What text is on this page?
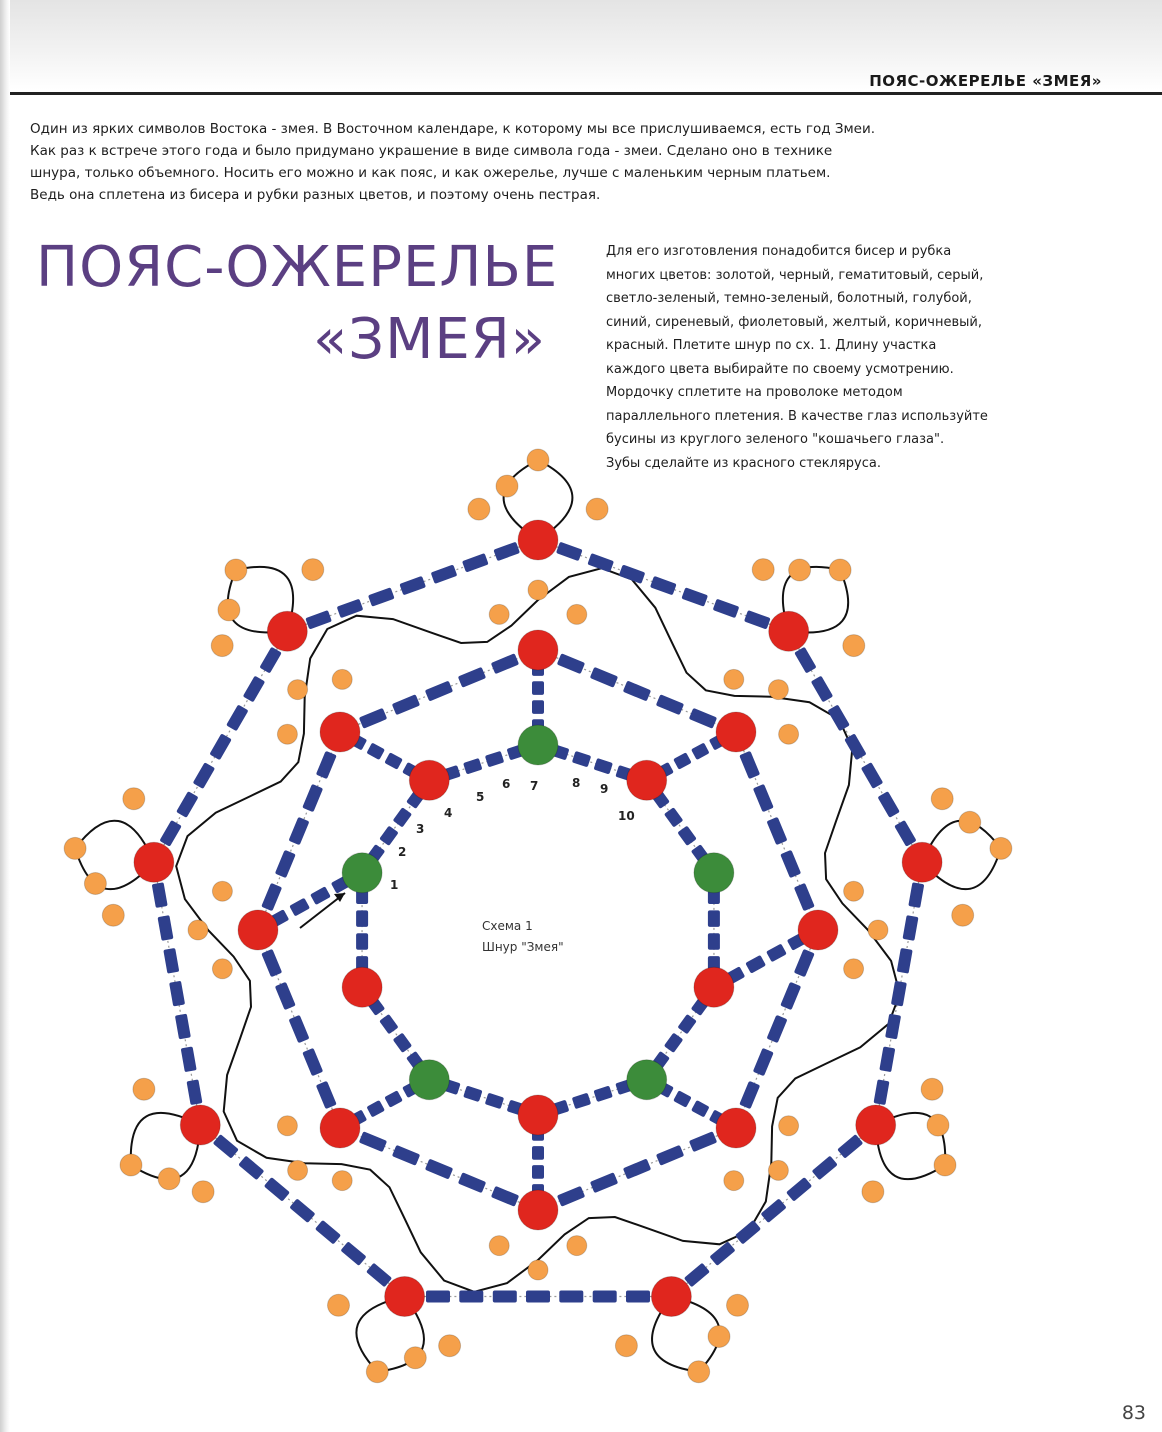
ПОЯС-ОЖЕРЕЛЬЕ «ЗМЕЯ»

Один из ярких символов Востока - змея. В Восточном календаре, к которому мы все прислушиваемся, есть год Змеи.

Как раз к встрече этого года и было придумано украшение в виде символа года - змеи. Сделано оно в технике

шнура, только объемного. Носить его можно и как пояс, и как ожерелье, лучше с маленьким черным платьем.

Ведь она сплетена из бисера и рубки разных цветов, и поэтому очень пестрая.

ПОЯС-ОЖЕРЕЛЬЕ
«ЗМЕЯ»

Для его изготовления понадобится бисер и рубка

многих цветов: золотой, черный, гематитовый, серый,

светло-зеленый, темно-зеленый, болотный, голубой,

синий, сиреневый, фиолетовый, желтый, коричневый,

красный. Плетите шнур по сх. 1. Длину участка

каждого цвета выбирайте по своему усмотрению.

Мордочку сплетите на проволоке методом

параллельного плетения. В качестве глаз используйте

бусины из круглого зеленого "кошачьего глаза".

Зубы сделайте из красного стекляруса.

1
2
3
4
5
6 7	8 9
10
Схема 1
Шнур "Змея"
83
